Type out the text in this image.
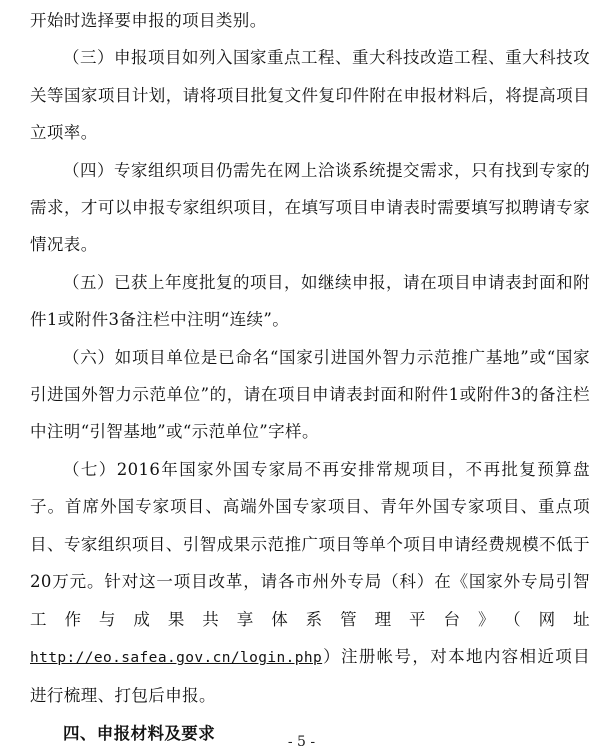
开始时选择要申报的项目类别。

（三）申报项目如列入国家重点工程、重大科技改造工程、重大科技攻关等国家项目计划，请将项目批复文件复印件附在申报材料后，将提高项目立项率。

（四）专家组织项目仍需先在网上洽谈系统提交需求，只有找到专家的需求，才可以申报专家组织项目，在填写项目申请表时需要填写拟聘请专家情况表。

（五）已获上年度批复的项目，如继续申报，请在项目申请表封面和附件1或附件3备注栏中注明“连续”。

（六）如项目单位是已命名“国家引进国外智力示范推广基地”或“国家引进国外智力示范单位”的，请在项目申请表封面和附件1或附件3的备注栏中注明“引智基地”或“示范单位”字样。

（七）2016年国家外国专家局不再安排常规项目，不再批复预算盘子。首席外国专家项目、高端外国专家项目、青年外国专家项目、重点项目、专家组织项目、引智成果示范推广项目等单个项目申请经费规模不低于20万元。针对这一项目改革，请各市州外专局（科）在《国家外专局引智工作与成果共享体系管理平台》（网址 http://eo.safea.gov.cn/login.php）注册帐号，对本地内容相近项目进行梳理、打包后申报。

四、申报材料及要求	- 5 -
